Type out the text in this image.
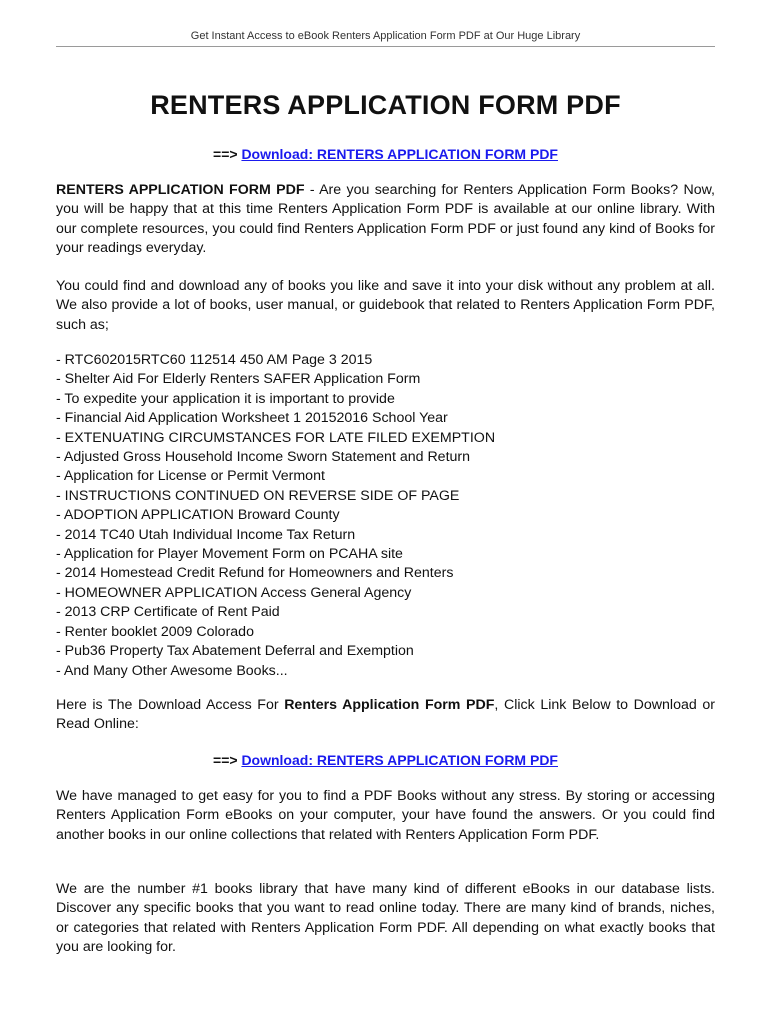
Get Instant Access to eBook Renters Application Form PDF at Our Huge Library
RENTERS APPLICATION FORM PDF
==> Download: RENTERS APPLICATION FORM PDF

RENTERS APPLICATION FORM PDF - Are you searching for Renters Application Form Books? Now, you will be happy that at this time Renters Application Form PDF is available at our online library. With our complete resources, you could find Renters Application Form PDF or just found any kind of Books for your readings everyday.

You could find and download any of books you like and save it into your disk without any problem at all. We also provide a lot of books, user manual, or guidebook that related to Renters Application Form PDF, such as;

- RTC602015RTC60 112514 450 AM Page 3 2015
- Shelter Aid For Elderly Renters SAFER Application Form
- To expedite your application it is important to provide
- Financial Aid Application Worksheet 1 20152016 School Year
- EXTENUATING CIRCUMSTANCES FOR LATE FILED EXEMPTION
- Adjusted Gross Household Income Sworn Statement and Return
- Application for License or Permit Vermont
- INSTRUCTIONS CONTINUED ON REVERSE SIDE OF PAGE
- ADOPTION APPLICATION Broward County
- 2014 TC40 Utah Individual Income Tax Return
- Application for Player Movement Form on PCAHA site
- 2014 Homestead Credit Refund for Homeowners and Renters
- HOMEOWNER APPLICATION Access General Agency
- 2013 CRP Certificate of Rent Paid
- Renter booklet 2009 Colorado
- Pub36 Property Tax Abatement Deferral and Exemption
- And Many Other Awesome Books...

Here is The Download Access For Renters Application Form PDF, Click Link Below to Download or Read Online:

==> Download: RENTERS APPLICATION FORM PDF

We have managed to get easy for you to find a PDF Books without any stress. By storing or accessing Renters Application Form eBooks on your computer, your have found the answers. Or you could find another books in our online collections that related with Renters Application Form PDF.

We are the number #1 books library that have many kind of different eBooks in our database lists. Discover any specific books that you want to read online today. There are many kind of brands, niches, or categories that related with Renters Application Form PDF. All depending on what exactly books that you are looking for.
